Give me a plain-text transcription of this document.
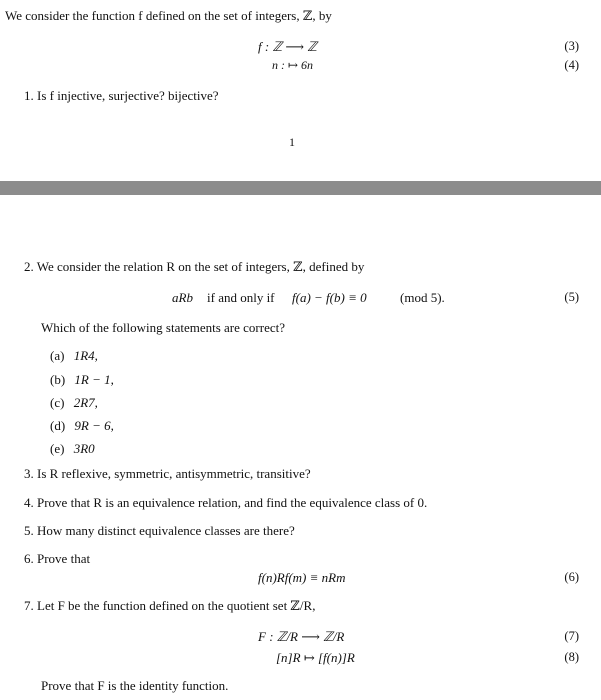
We consider the function f defined on the set of integers, ℤ, by
f : ℤ ⟶ ℤ	(3)
n : ↦ 6n	(4)
1. Is f injective, surjective? bijective?
1
2. We consider the relation R on the set of integers, ℤ, defined by
aRb if and only if f(a) − f(b) ≡ 0	(mod 5).	(5)
Which of the following statements are correct?
(a) 1R4,
(b) 1R − 1,
(c) 2R7,
(d) 9R − 6,
(e) 3R0
3. Is R reflexive, symmetric, antisymmetric, transitive?
4. Prove that R is an equivalence relation, and find the equivalence class of 0.
5. How many distinct equivalence classes are there?
6. Prove that
f(n)Rf(m) ≡ nRm	(6)
7. Let F be the function defined on the quotient set ℤ/R,
F : ℤ/R ⟶ ℤ/R	(7)
[n]R ↦ [f(n)]R	(8)
Prove that F is the identity function.
